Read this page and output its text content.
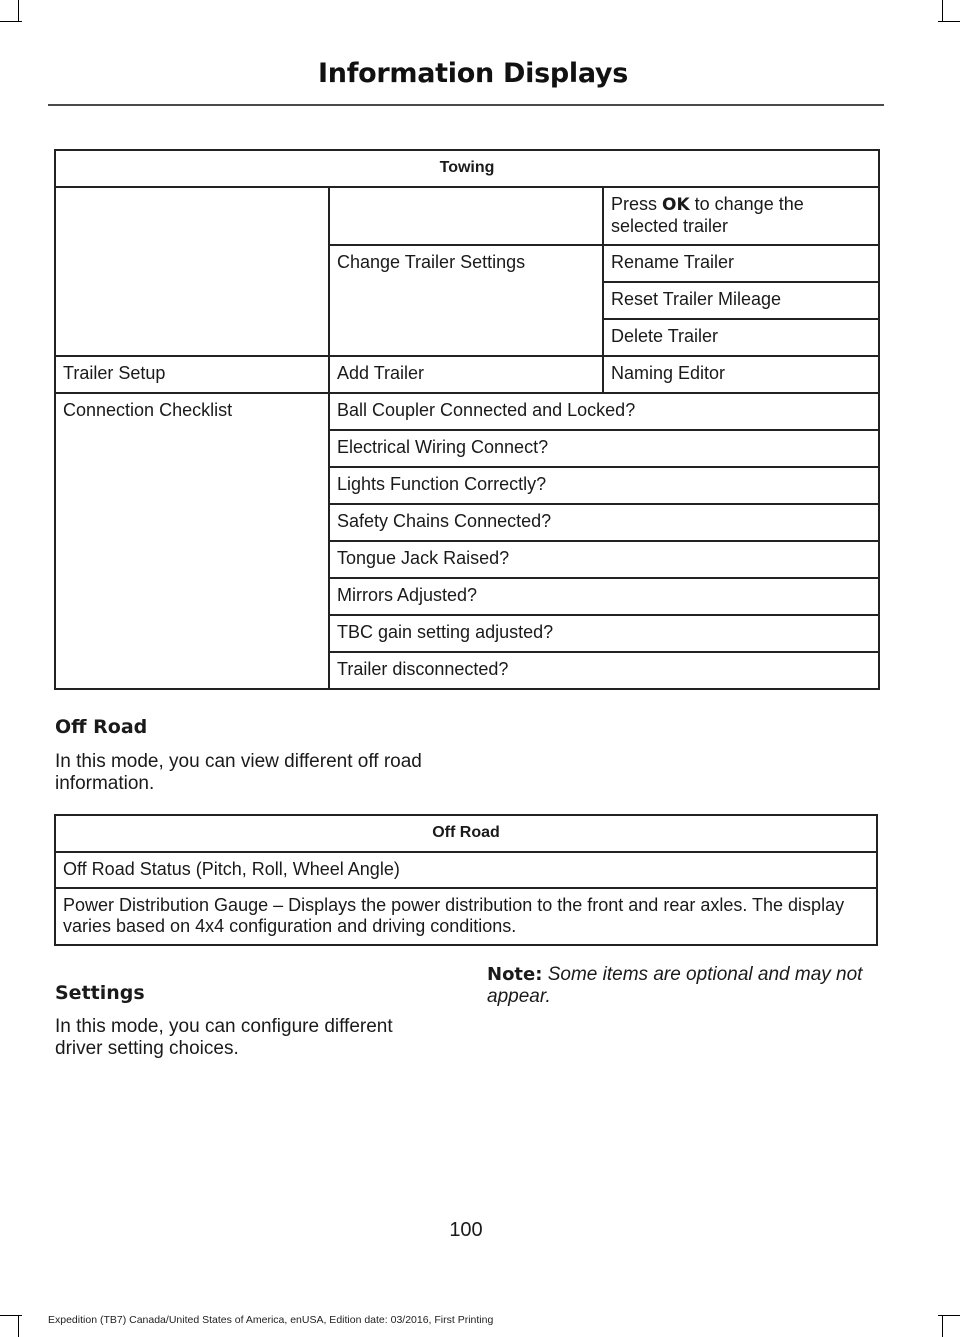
Information Displays
Towing		
		Press OK to change the selected trailer
	Change Trailer Settings	Rename Trailer
		Reset Trailer Mileage
		Delete Trailer
Trailer Setup	Add Trailer	Naming Editor
Connection Checklist	Ball Coupler Connected and Locked?	
	Electrical Wiring Connect?	
	Lights Function Correctly?	
	Safety Chains Connected?	
	Tongue Jack Raised?	
	Mirrors Adjusted?	
	TBC gain setting adjusted?	
	Trailer disconnected?	
Off Road
In this mode, you can view different off road information.
Off Road
Off Road Status (Pitch, Roll, Wheel Angle)
Power Distribution Gauge – Displays the power distribution to the front and rear axles. The display varies based on 4x4 configuration and driving conditions.
Settings
In this mode, you can configure different driver setting choices.
Note: Some items are optional and may not appear.
100
Expedition (TB7) Canada/United States of America, enUSA, Edition date: 03/2016, First Printing
